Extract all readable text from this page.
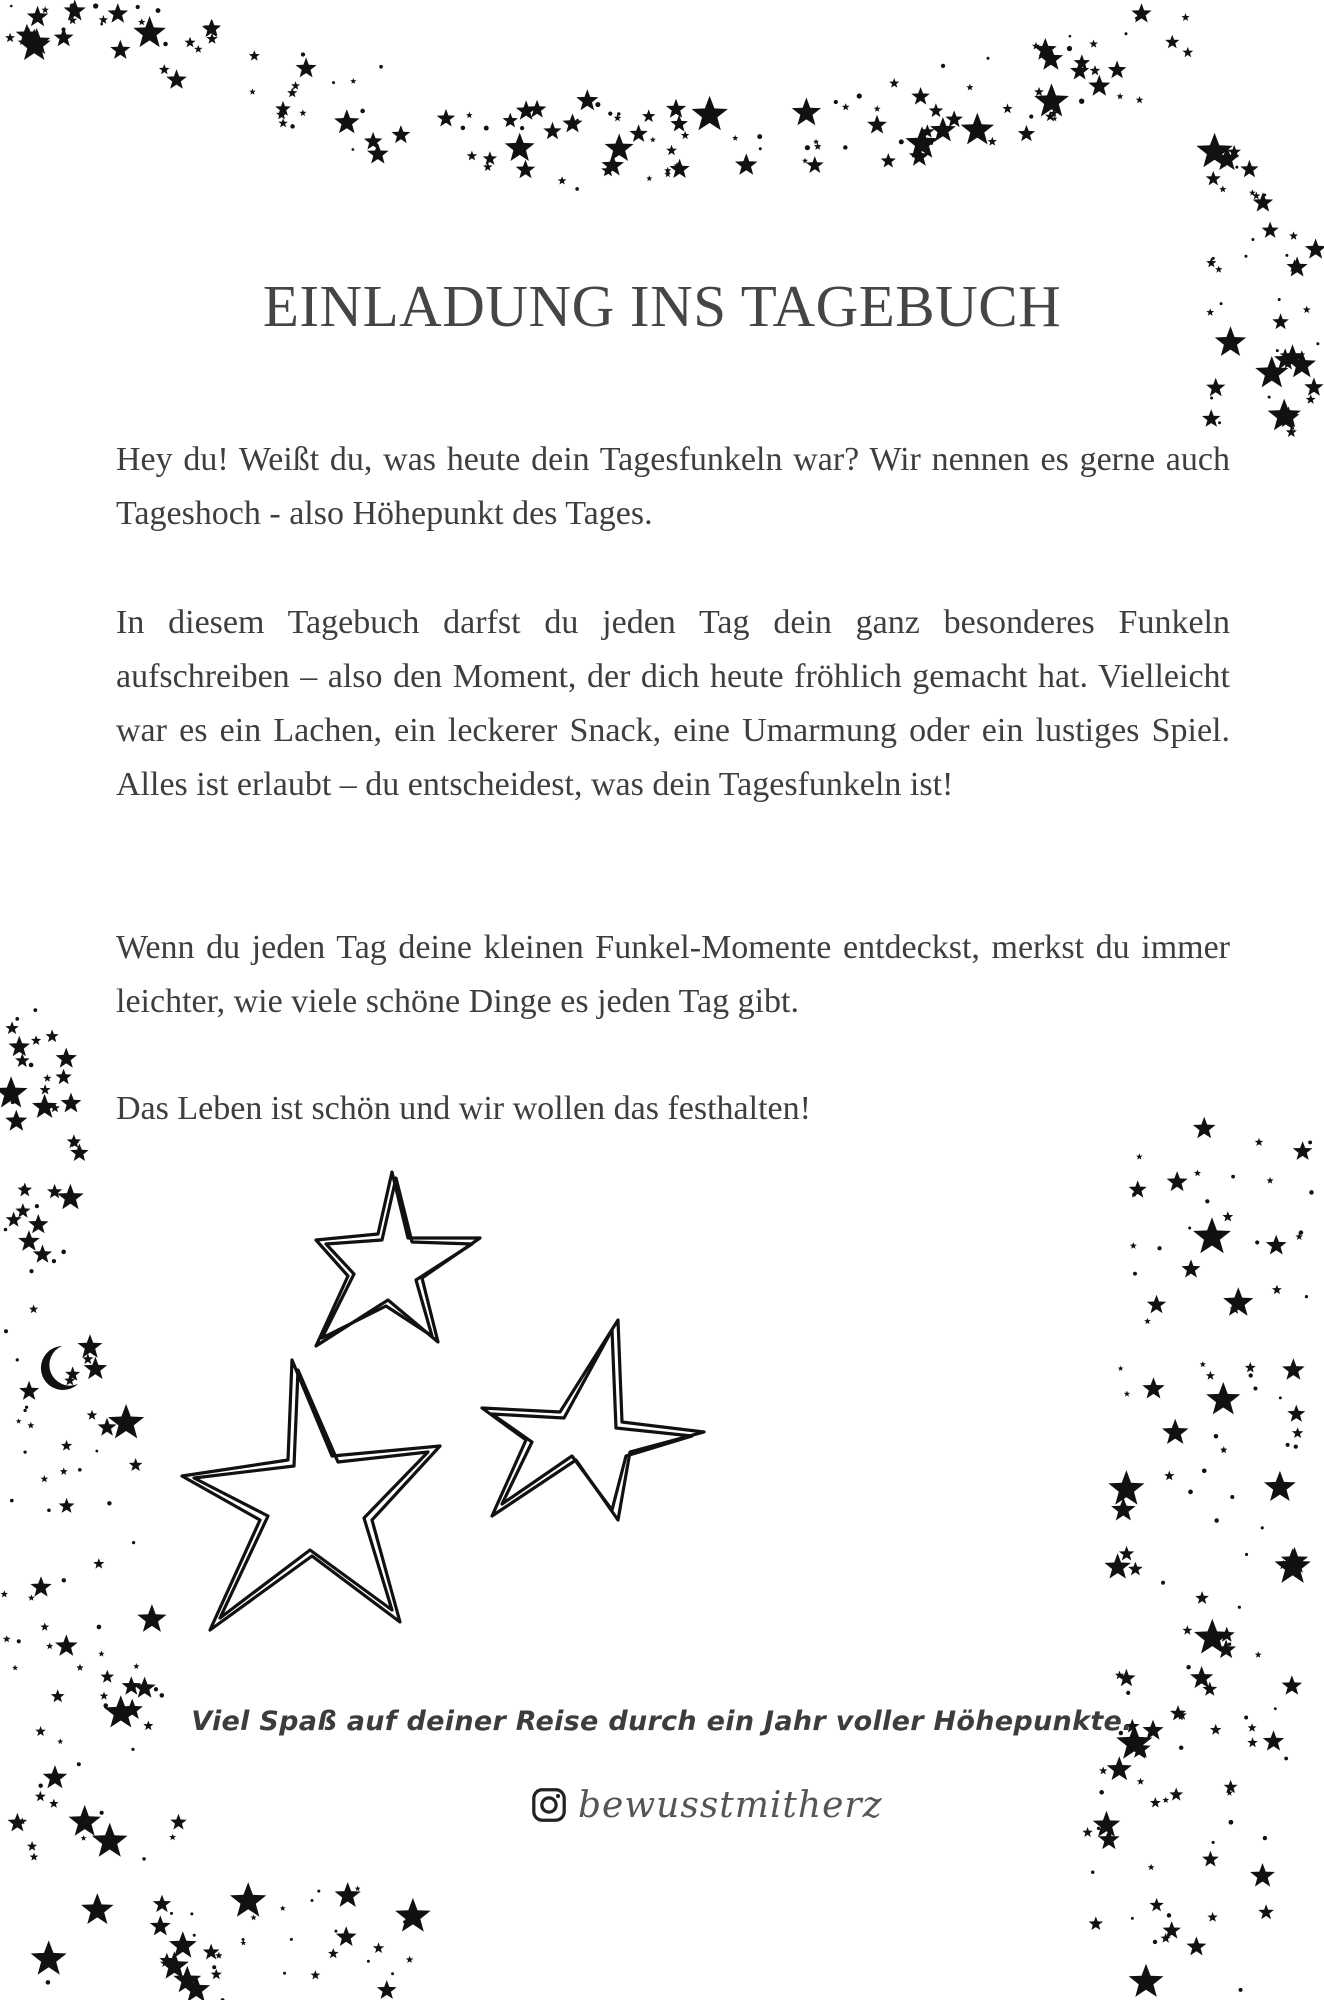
EINLADUNG INS TAGEBUCH

Hey du! Weißt du, was heute dein Tagesfunkeln war? Wir nennen es gerne auch Tageshoch - also Höhepunkt des Tages.

In diesem Tagebuch darfst du jeden Tag dein ganz besonderes Funkeln aufschreiben – also den Moment, der dich heute fröhlich gemacht hat. Vielleicht war es ein Lachen, ein leckerer Snack, eine Umarmung oder ein lustiges Spiel. Alles ist erlaubt – du entscheidest, was dein Tagesfunkeln ist!

Wenn du jeden Tag deine kleinen Funkel-Momente entdeckst, merkst du immer leichter, wie viele schöne Dinge es jeden Tag gibt.

Das Leben ist schön und wir wollen das festhalten!

Viel Spaß auf deiner Reise durch ein Jahr voller Höhepunkte.

bewusstmitherz
